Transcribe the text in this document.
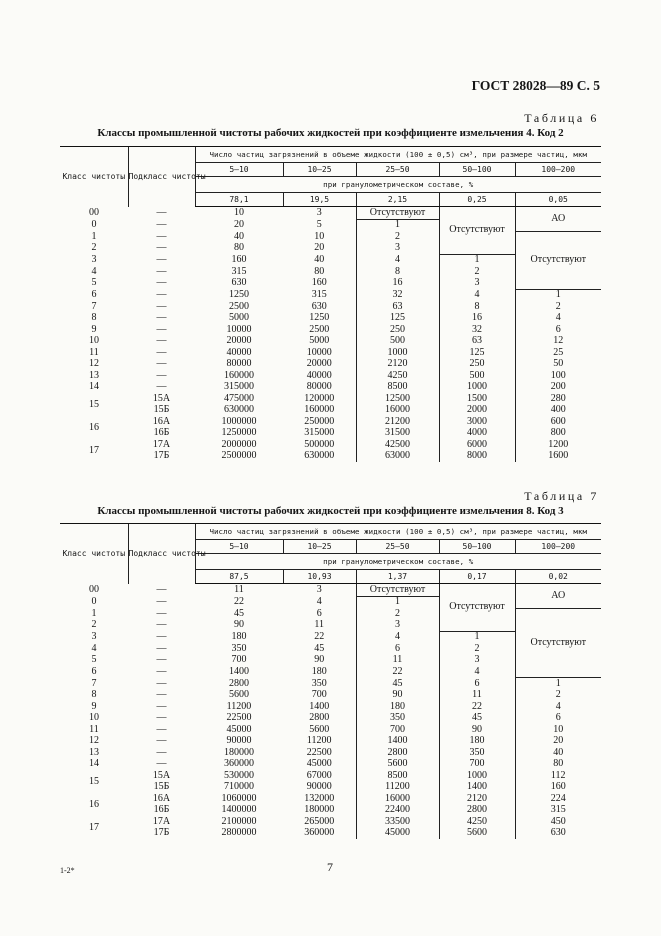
ГОСТ 28028—89 С. 5
Таблица 6
Классы промышленной чистоты рабочих жидкостей при коэффициенте измельчения 4. Код 2
Класс чистоты	Подкласс чистоты	Число частиц загрязнений в объеме жидкости (100 ± 0,5) см³, при размере частиц, мкм				
		5—10	10—25	25—50	50—100	100—200
		при гранулометрическом составе, %				
		78,1	19,5	2,15	0,25	0,05
00	—	10	3	Отсутствуют	Отсутствуют	АО
0	—	20	5	1		
1	—	40	10	2		Отсутствуют
2	—	80	20	3		
3	—	160	40	4	1	
4	—	315	80	8	2	
5	—	630	160	16	3	
6	—	1250	315	32	4	1
7	—	2500	630	63	8	2
8	—	5000	1250	125	16	4
9	—	10000	2500	250	32	6
10	—	20000	5000	500	63	12
11	—	40000	10000	1000	125	25
12	—	80000	20000	2120	250	50
13	—	160000	40000	4250	500	100
14	—	315000	80000	8500	1000	200
15	15А	475000	120000	12500	1500	280
	15Б	630000	160000	16000	2000	400
16	16А	1000000	250000	21200	3000	600
	16Б	1250000	315000	31500	4000	800
17	17А	2000000	500000	42500	6000	1200
	17Б	2500000	630000	63000	8000	1600
Таблица 7
Классы промышленной чистоты рабочих жидкостей при коэффициенте измельчения 8. Код 3
Класс чистоты	Подкласс чистоты	Число частиц загрязнений в объеме жидкости (100 ± 0,5) см³, при размере частиц, мкм				
		5—10	10—25	25—50	50—100	100—200
		при гранулометрическом составе, %				
		87,5	10,93	1,37	0,17	0,02
00	—	11	3	Отсутствуют	Отсутствуют	АО
0	—	22	4	1		
1	—	45	6	2		Отсутствуют
2	—	90	11	3		
3	—	180	22	4	1	
4	—	350	45	6	2	
5	—	700	90	11	3	
6	—	1400	180	22	4	
7	—	2800	350	45	6	1
8	—	5600	700	90	11	2
9	—	11200	1400	180	22	4
10	—	22500	2800	350	45	6
11	—	45000	5600	700	90	10
12	—	90000	11200	1400	180	20
13	—	180000	22500	2800	350	40
14	—	360000	45000	5600	700	80
15	15А	530000	67000	8500	1000	112
	15Б	710000	90000	11200	1400	160
16	16А	1060000	132000	16000	2120	224
	16Б	1400000	180000	22400	2800	315
17	17А	2100000	265000	33500	4250	450
	17Б	2800000	360000	45000	5600	630
1-2*	7
